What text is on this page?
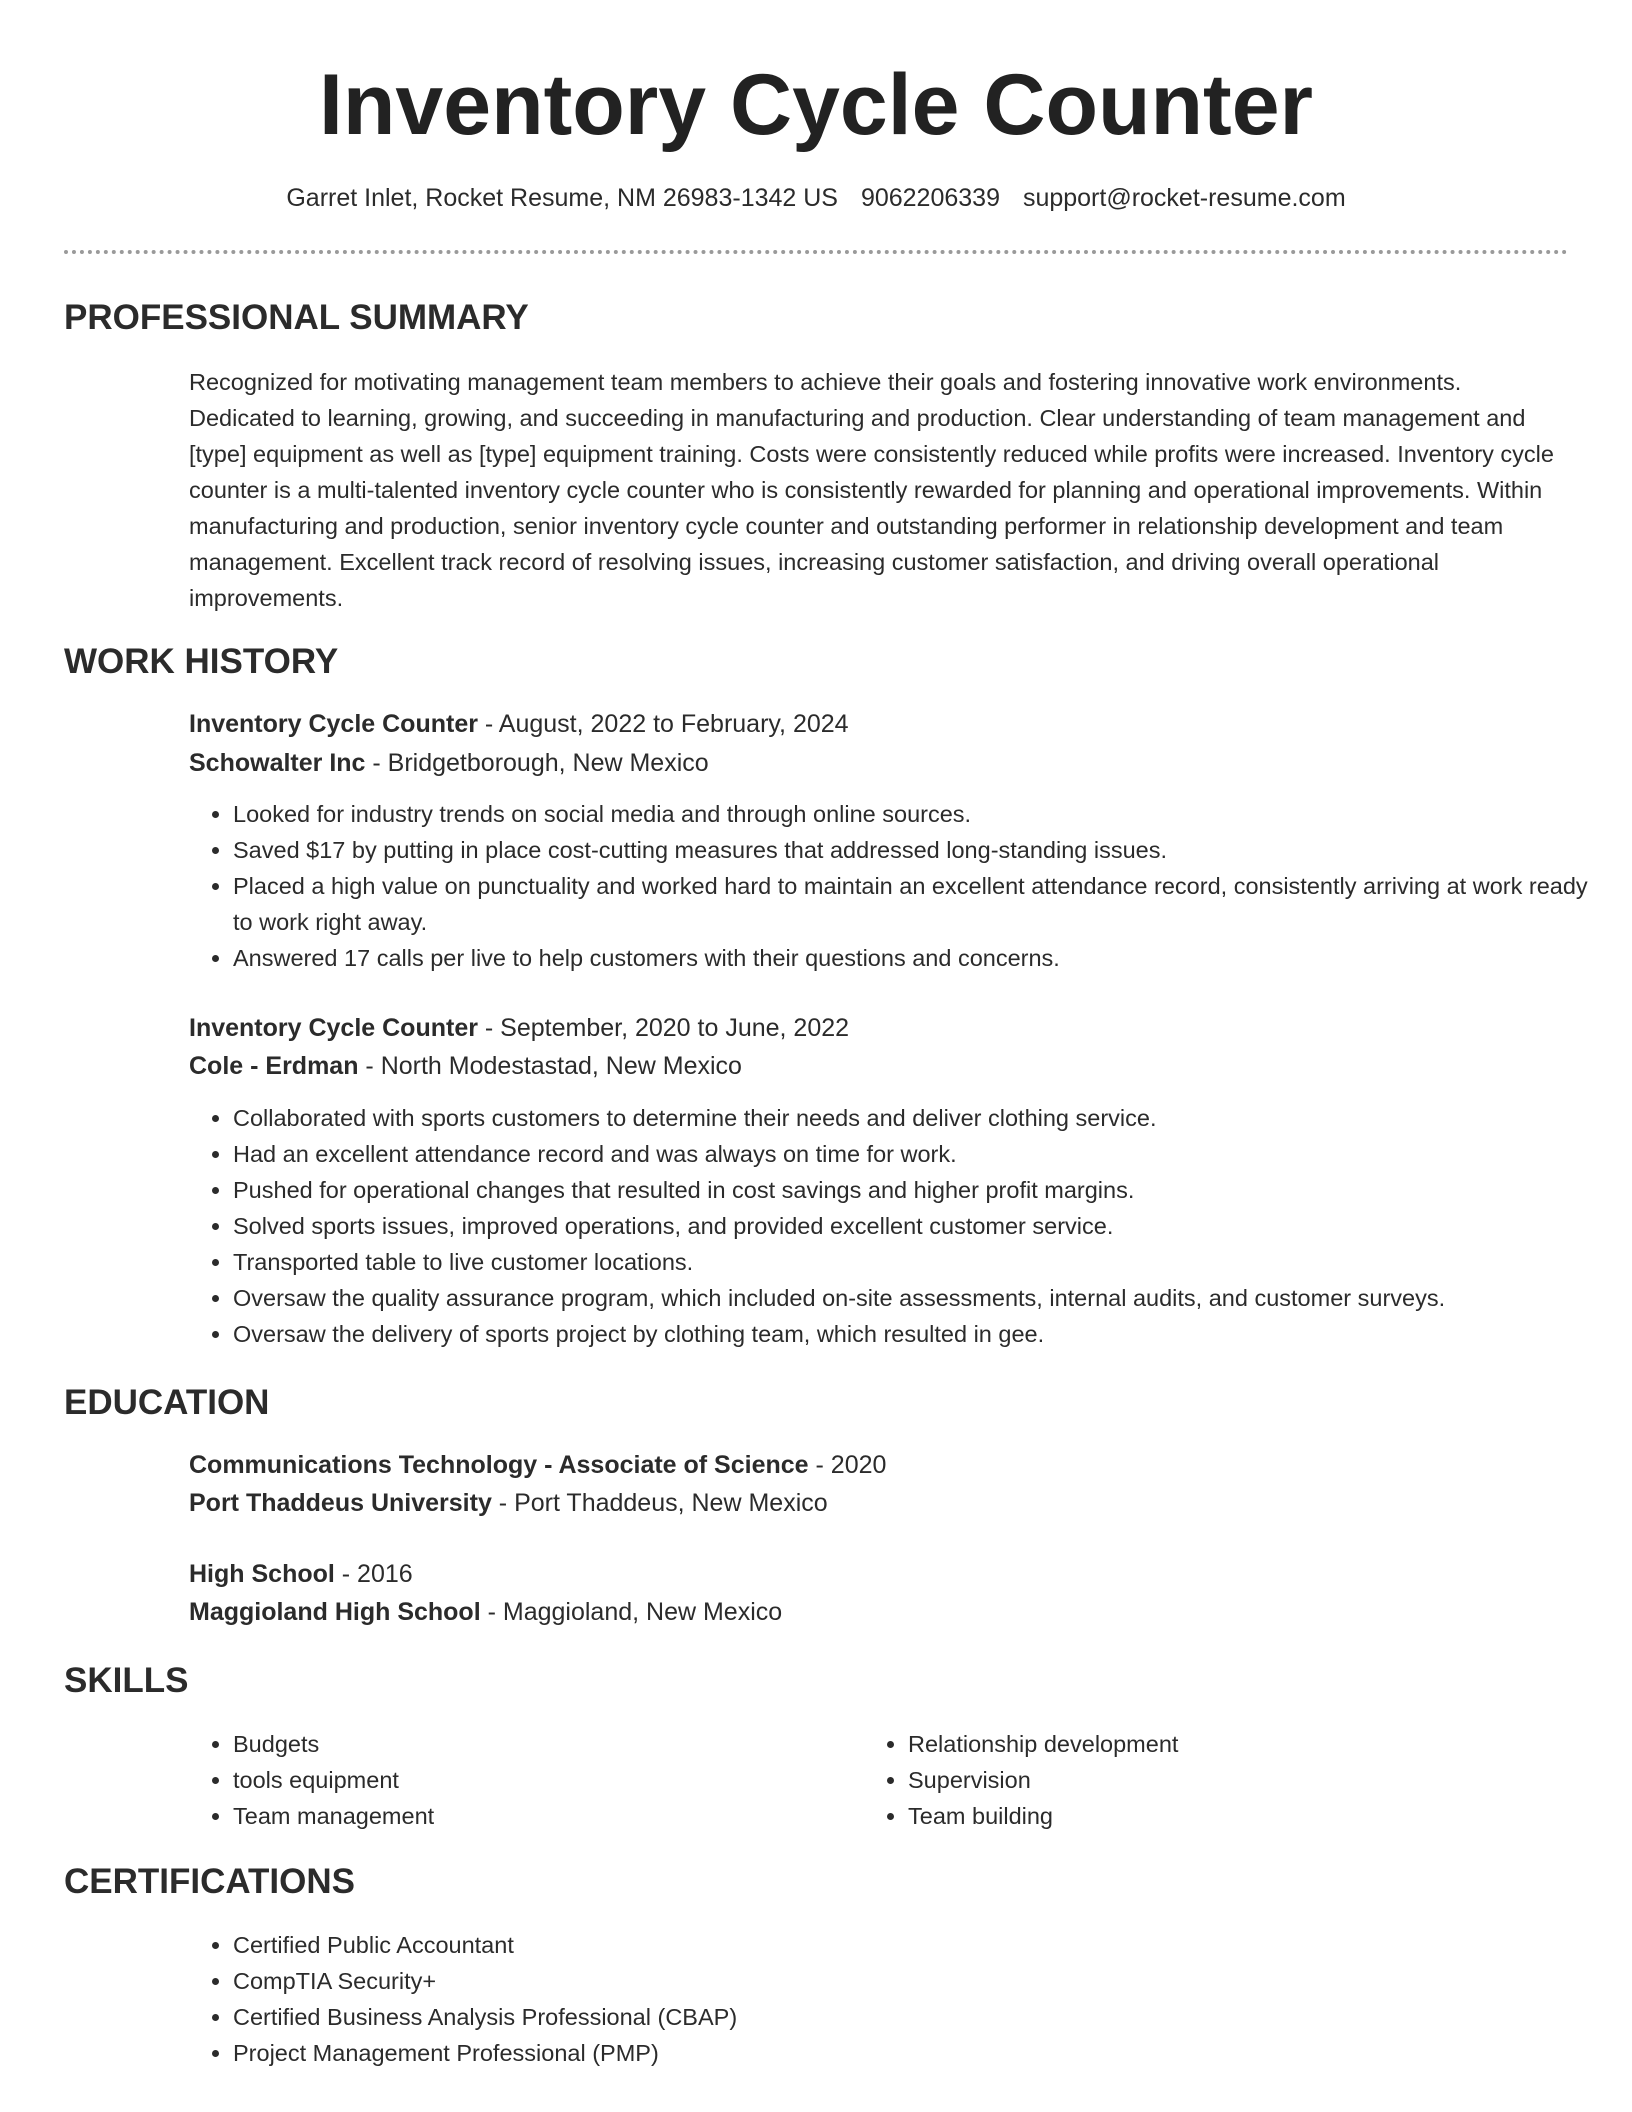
Inventory Cycle Counter
Garret Inlet, Rocket Resume, NM 26983-1342 US 9062206339 support@rocket-resume.com
PROFESSIONAL SUMMARY

Recognized for motivating management team members to achieve their goals and fostering innovative work environments. Dedicated to learning, growing, and succeeding in manufacturing and production. Clear understanding of team management and [type] equipment as well as [type] equipment training. Costs were consistently reduced while profits were increased. Inventory cycle counter is a multi-talented inventory cycle counter who is consistently rewarded for planning and operational improvements. Within manufacturing and production, senior inventory cycle counter and outstanding performer in relationship development and team management. Excellent track record of resolving issues, increasing customer satisfaction, and driving overall operational improvements.

WORK HISTORY
Inventory Cycle Counter - August, 2022 to February, 2024
Schowalter Inc - Bridgetborough, New Mexico
• Looked for industry trends on social media and through online sources.
• Saved $17 by putting in place cost-cutting measures that addressed long-standing issues.
• Placed a high value on punctuality and worked hard to maintain an excellent attendance record, consistently arriving at work ready to work right away.
• Answered 17 calls per live to help customers with their questions and concerns.
Inventory Cycle Counter - September, 2020 to June, 2022
Cole - Erdman - North Modestastad, New Mexico
• Collaborated with sports customers to determine their needs and deliver clothing service.
• Had an excellent attendance record and was always on time for work.
• Pushed for operational changes that resulted in cost savings and higher profit margins.
• Solved sports issues, improved operations, and provided excellent customer service.
• Transported table to live customer locations.
• Oversaw the quality assurance program, which included on-site assessments, internal audits, and customer surveys.
• Oversaw the delivery of sports project by clothing team, which resulted in gee.
EDUCATION
Communications Technology - Associate of Science - 2020
Port Thaddeus University - Port Thaddeus, New Mexico
High School - 2016
Maggioland High School - Maggioland, New Mexico
SKILLS
• Budgets
• tools equipment
• Team management
• Relationship development
• Supervision
• Team building
CERTIFICATIONS
• Certified Public Accountant
• CompTIA Security+
• Certified Business Analysis Professional (CBAP)
• Project Management Professional (PMP)
